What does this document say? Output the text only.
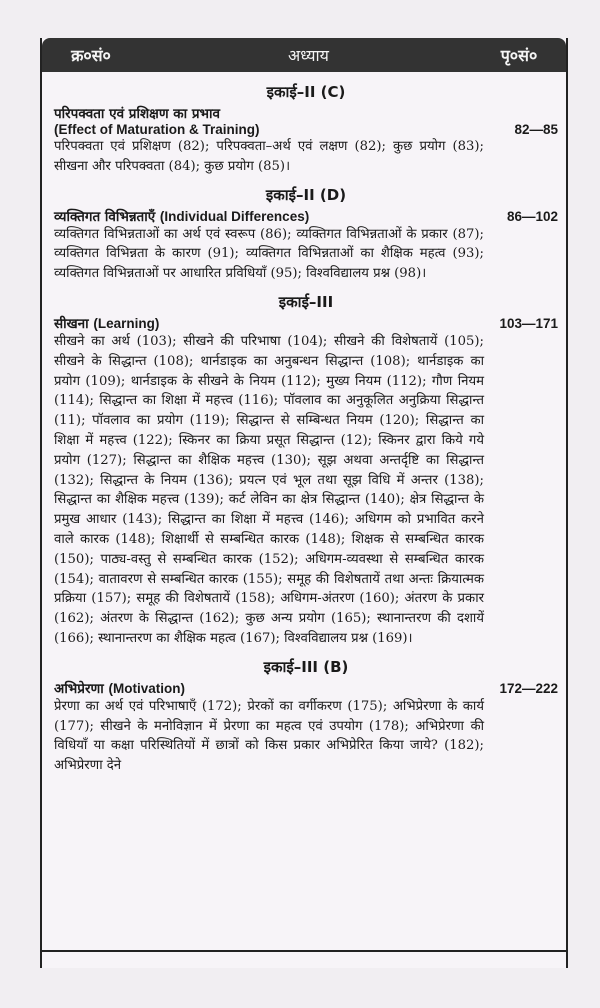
क्र०सं०	अध्याय	पृ०सं०
इकाई–II (C)
परिपक्वता एवं प्रशिक्षण का प्रभाव
(Effect of Maturation & Training)	82—85
परिपक्वता एवं प्रशिक्षण (82); परिपक्वता–अर्थ एवं लक्षण (82); कुछ प्रयोग (83); सीखना और परिपक्वता (84); कुछ प्रयोग (85)।
इकाई–II (D)
व्यक्तिगत विभिन्नताएँ (Individual Differences)	86—102
व्यक्तिगत विभिन्नताओं का अर्थ एवं स्वरूप (86); व्यक्तिगत विभिन्नताओं के प्रकार (87); व्यक्तिगत विभिन्नता के कारण (91); व्यक्तिगत विभिन्नताओं का शैक्षिक महत्व (93); व्यक्तिगत विभिन्नताओं पर आधारित प्रविधियाँ (95); विश्वविद्यालय प्रश्न (98)।
इकाई–III
सीखना (Learning)	103—171
सीखने का अर्थ (103); सीखने की परिभाषा (104); सीखने की विशेषतायें (105); सीखने के सिद्धान्त (108); थार्नडाइक का अनुबन्धन सिद्धान्त (108); थार्नडाइक का प्रयोग (109); थार्नडाइक के सीखने के नियम (112); मुख्य नियम (112); गौण नियम (114); सिद्धान्त का शिक्षा में महत्त्व (116); पॉवलाव का अनुकूलित अनुक्रिया सिद्धान्त (11); पॉवलाव का प्रयोग (119); सिद्धान्त से सम्बिन्धत नियम (120); सिद्धान्त का शिक्षा में महत्त्व (122); स्किनर का क्रिया प्रसूत सिद्धान्त (12); स्किनर द्वारा किये गये प्रयोग (127); सिद्धान्त का शैक्षिक महत्त्व (130); सूझ अथवा अन्तर्दृष्टि का सिद्धान्त (132); सिद्धान्त के नियम (136); प्रयत्न एवं भूल तथा सूझ विधि में अन्तर (138); सिद्धान्त का शैक्षिक महत्त्व (139); कर्ट लेविन का क्षेत्र सिद्धान्त (140); क्षेत्र सिद्धान्त के प्रमुख आधार (143); सिद्धान्त का शिक्षा में महत्त्व (146); अधिगम को प्रभावित करने वाले कारक (148); शिक्षार्थी से सम्बन्धित कारक (148); शिक्षक से सम्बन्धित कारक (150); पाठ्य-वस्तु से सम्बन्धित कारक (152); अधिगम-व्यवस्था से सम्बन्धित कारक (154); वातावरण से सम्बन्धित कारक (155); समूह की विशेषतायें तथा अन्तः क्रियात्मक प्रक्रिया (157); समूह की विशेषतायें (158); अधिगम-अंतरण (160); अंतरण के प्रकार (162); अंतरण के सिद्धान्त (162); कुछ अन्य प्रयोग (165); स्थानान्तरण की दशायें (166); स्थानान्तरण का शैक्षिक महत्व (167); विश्वविद्यालय प्रश्न (169)।
इकाई–III (B)
अभिप्रेरणा (Motivation)	172—222
प्रेरणा का अर्थ एवं परिभाषाएँ (172); प्रेरकों का वर्गीकरण (175); अभिप्रेरणा के कार्य (177); सीखने के मनोविज्ञान में प्रेरणा का महत्व एवं उपयोग (178); अभिप्रेरणा की विधियाँ या कक्षा परिस्थितियों में छात्रों को किस प्रकार अभिप्रेरित किया जाये? (182); अभिप्रेरणा देने
